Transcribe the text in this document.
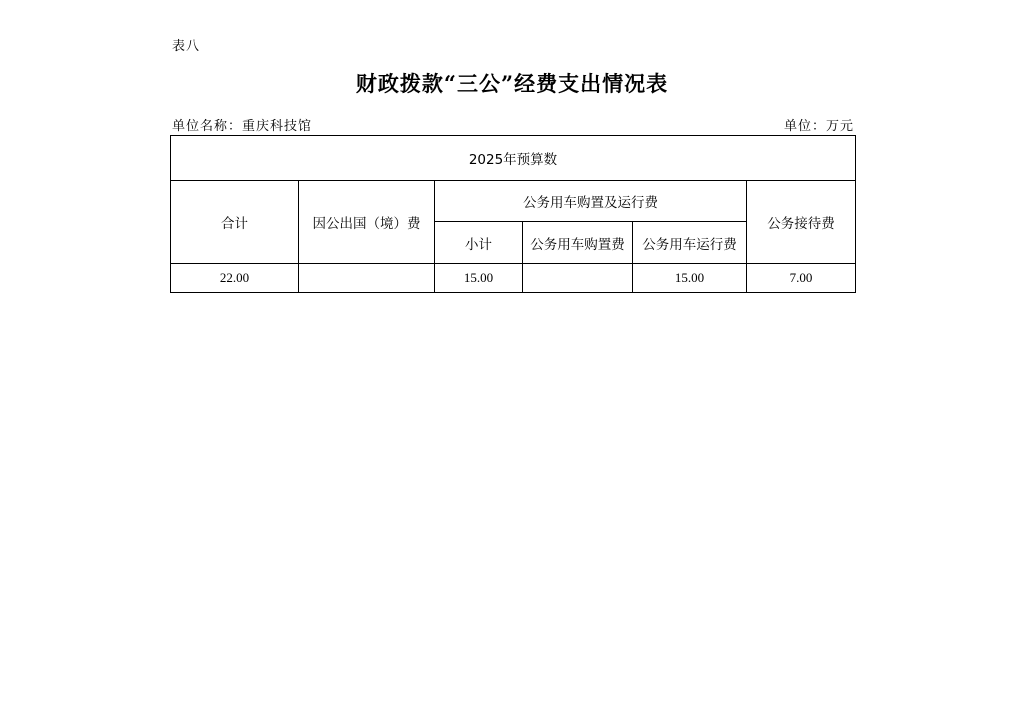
表八
财政拨款“三公”经费支出情况表
单位名称：重庆科技馆	单位：万元
2025年预算数					
合计	因公出国（境）费	公务用车购置及运行费			公务接待费
		小计	公务用车购置费	公务用车运行费	
22.00		15.00		15.00	7.00
